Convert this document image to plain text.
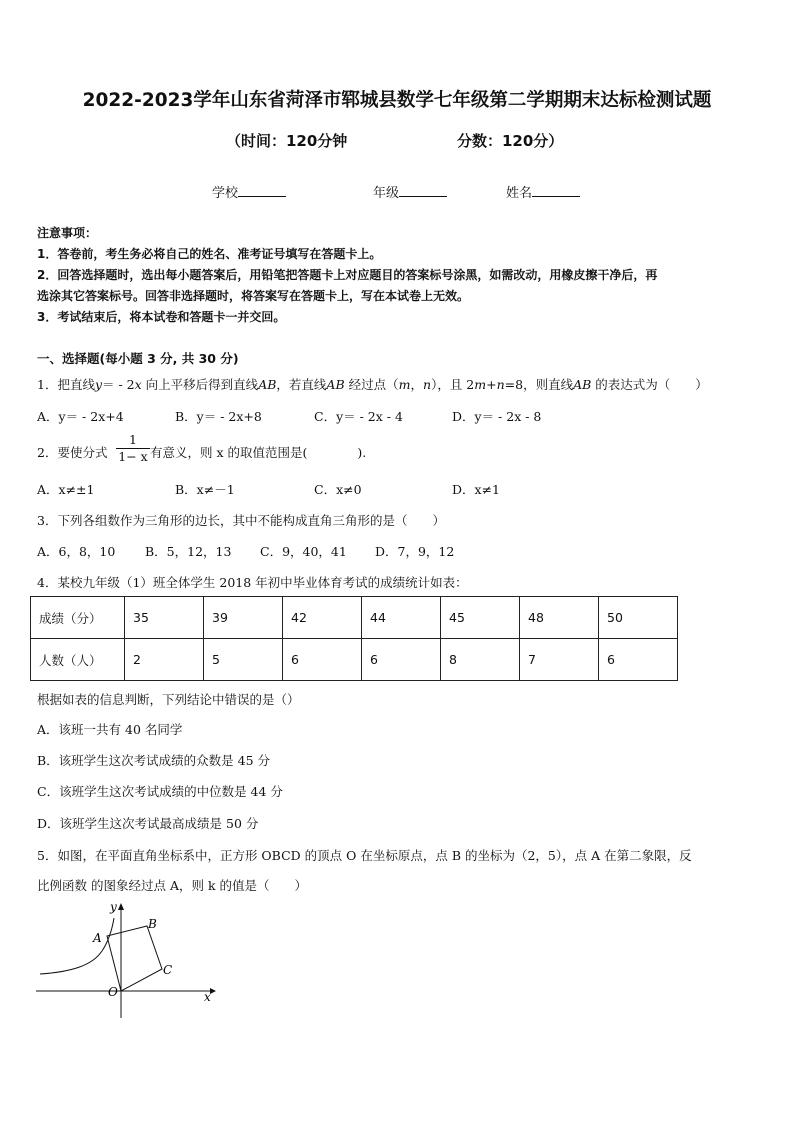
2022-2023学年山东省菏泽市郓城县数学七年级第二学期期末达标检测试题
（时间：120分钟	分数：120分）
学校	年级	姓名
注意事项：
1．答卷前，考生务必将自己的姓名、准考证号填写在答题卡上。
2．回答选择题时，选出每小题答案后，用铅笔把答题卡上对应题目的答案标号涂黑，如需改动，用橡皮擦干净后，再
选涂其它答案标号。回答非选择题时，将答案写在答题卡上，写在本试卷上无效。
3．考试结束后，将本试卷和答题卡一并交回。
一、选择题(每小题 3 分, 共 30 分)
1．把直线y＝ - 2x 向上平移后得到直线AB，若直线AB 经过点（m，n），且 2m+n=8，则直线AB 的表达式为（　　）
A．y＝ - 2x+4	B．y＝ - 2x+8	C．y＝ - 2x - 4	D．y＝ - 2x - 8
2．要使分式
1
1− x 有意义，则 x 的取值范围是(　　　　).
A．x≠±1	B．x≠－1	C．x≠0	D．x≠1
3．下列各组数作为三角形的边长，其中不能构成直角三角形的是（　　）
A．6，8，10 B．5，12，13 C．9，40，41 D．7，9，12
4．某校九年级（1）班全体学生 2018 年初中毕业体育考试的成绩统计如表：
成绩（分）	35	39	42	44	45	48	50
人数（人）	2	5	6	6	8	7	6
根据如表的信息判断，下列结论中错误的是（）
A．该班一共有 40 名同学
B．该班学生这次考试成绩的众数是 45 分
C．该班学生这次考试成绩的中位数是 44 分
D．该班学生这次考试最高成绩是 50 分
5．如图，在平面直角坐标系中，正方形 OBCD 的顶点 O 在坐标原点，点 B 的坐标为（2，5），点 A 在第二象限，反
比例函数 的图象经过点 A，则 k 的值是（　　）
y
x
O
A
B
C
